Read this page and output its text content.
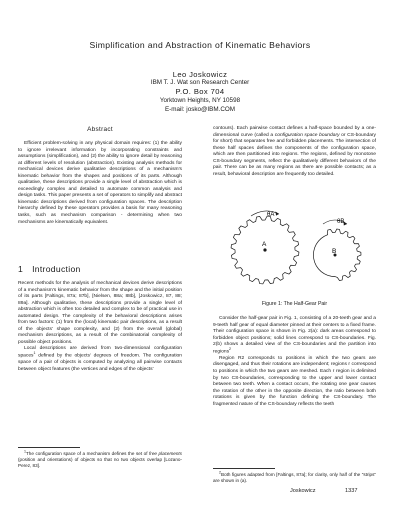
Simplification and Abstraction of Kinematic Behaviors
Leo Joskowicz
IBM T. J. Wat son Research Center
P.O. Box 704
Yorktown Heights, NY 10598
E-mail: josko@IBM.COM
Abstract

Efficient problem-solving in any physical domain requires: (1) the ability to ignore irrelevant information by incorporating constraints and assumptions (simplification), and (2) the ability to ignore detail by reasoning at different levels of resolution (abstraction). Existing analysis methods for mechanical devices derive qualitative descriptions of a mechanism's kinematic behavior from the shapes and positions of its parts. Although qualitative, these descriptions provide a single level of abstraction which is exceedingly complex and detailed to automate common analysis and design tasks. This paper presents a set of operators to simplify and abstract kinematic descriptions derived from configuration spaces. The description hierarchy defined by these operators provides a basis for many reasoning tasks, such as mechanism comparison - determining when two mechanisms are kinematically equivalent.

1 Introduction

Recent methods for the analysis of mechanical devices derive descriptions of a mechanism's kinematic behavior from the shape and the initial position of its parts [Faltings, 87a; 87b], [Nielsen, 88a; 88b], [Joskowicz, 87, 88; 89a]. Although qualitative, these descriptions provide a single level of abstraction which is often too detailed and complex to be of practical use in automated design. The complexity of the behavioral descriptions arises from two factors: (1) from the (local) kinematic pair descriptions, as a result of the objects' shape complexity, and (2) from the overall (global) mechanism descriptions, as a result of the combinatorial complexity of possible object positions.

Local descriptions are derived from two-dimensional configuration spaces$^1$ defined by the objects' degrees of freedom. The configuration space of a pair of objects is computed by analyzing all pairwise contacts between object features (the vertices and edges of the objects'

$^1$The configuration space of a mechanism defines the set of free placements (position and orientations) of objects so that no two objects overlap [Lozano-Perez, 83].

contours). Each pairwise contact defines a half-space bounded by a one-dimensional curve (called a configuration space boundary or CS-boundary for short) that separates free and forbidden placements. The intersection of these half spaces defines the components of the configuration space, which are then partitioned into regions. The regions, defined by monotone CS-boundary segments, reflect the qualitatively different behaviors of the pair. There can be as many regions as there are possible contacts; as a result, behavioral description are frequently too detailed.

θA
θB
A
B
Figure 1: The Half-Gear Pair

Consider the half-gear pair in Fig. 1, consisting of a 20-teeth gear and a 9-teeth half gear of equal diameter pinned at their centers to a fixed frame. Their configuration space is shown in Fig. 2(a): dark areas correspond to forbidden object positions; solid lines correspond to CS-boundaries. Fig. 2(b) shows a detailed view of the CS-boundaries and the partition into regions$^2$

Region R2 corresponds to positions in which the two gears are disengaged, and thus their rotations are independent; regions r correspond to positions in which the two gears are meshed. Each r region is delimited by two CS-boundaries, corresponding to the upper and lower contact between two teeth. When a contact occurs, the rotating one gear causes the rotation of the other in the opposite direction, the ratio between both rotations is given by the function defining the CS-boundary. The fragmented nature of the CS-boundary reflects the teeth

$^2$Both figures adapted from [Faltings, 87a]; for clarity, only half of the "strips" are shown in (a).
Joskowicz	1337
